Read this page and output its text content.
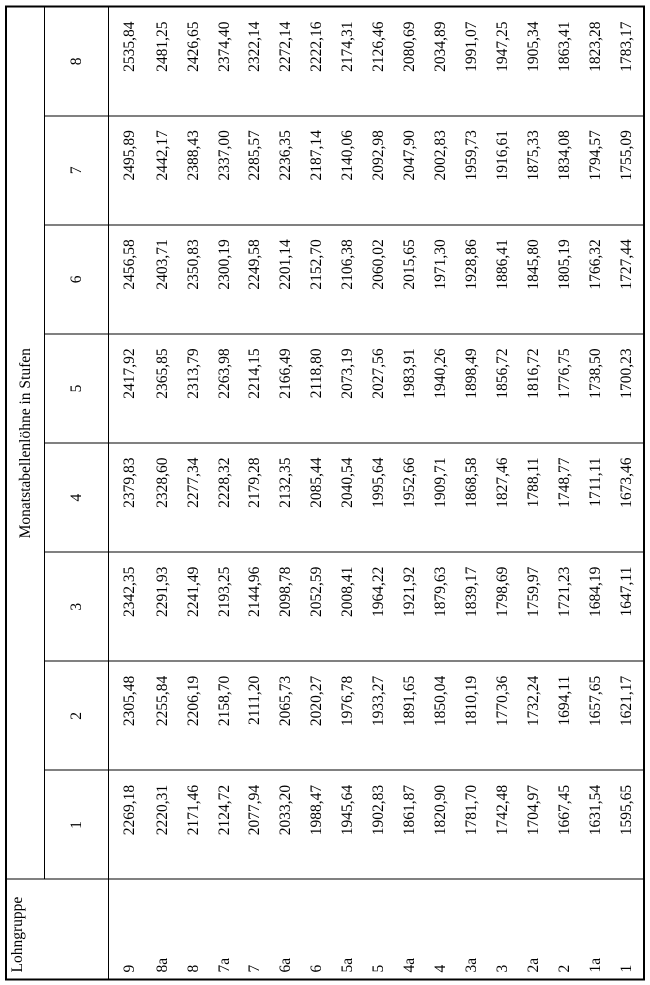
Lohngruppe	Monatstabellenlöhne in Stufen							
	1	2	3	4	5	6	7	8
9	2269,18	2305,48	2342,35	2379,83	2417,92	2456,58	2495,89	2535,84
8a	2220,31	2255,84	2291,93	2328,60	2365,85	2403,71	2442,17	2481,25
8	2171,46	2206,19	2241,49	2277,34	2313,79	2350,83	2388,43	2426,65
7a	2124,72	2158,70	2193,25	2228,32	2263,98	2300,19	2337,00	2374,40
7	2077,94	2111,20	2144,96	2179,28	2214,15	2249,58	2285,57	2322,14
6a	2033,20	2065,73	2098,78	2132,35	2166,49	2201,14	2236,35	2272,14
6	1988,47	2020,27	2052,59	2085,44	2118,80	2152,70	2187,14	2222,16
5a	1945,64	1976,78	2008,41	2040,54	2073,19	2106,38	2140,06	2174,31
5	1902,83	1933,27	1964,22	1995,64	2027,56	2060,02	2092,98	2126,46
4a	1861,87	1891,65	1921,92	1952,66	1983,91	2015,65	2047,90	2080,69
4	1820,90	1850,04	1879,63	1909,71	1940,26	1971,30	2002,83	2034,89
3a	1781,70	1810,19	1839,17	1868,58	1898,49	1928,86	1959,73	1991,07
3	1742,48	1770,36	1798,69	1827,46	1856,72	1886,41	1916,61	1947,25
2a	1704,97	1732,24	1759,97	1788,11	1816,72	1845,80	1875,33	1905,34
2	1667,45	1694,11	1721,23	1748,77	1776,75	1805,19	1834,08	1863,41
1a	1631,54	1657,65	1684,19	1711,11	1738,50	1766,32	1794,57	1823,28
1	1595,65	1621,17	1647,11	1673,46	1700,23	1727,44	1755,09	1783,17
